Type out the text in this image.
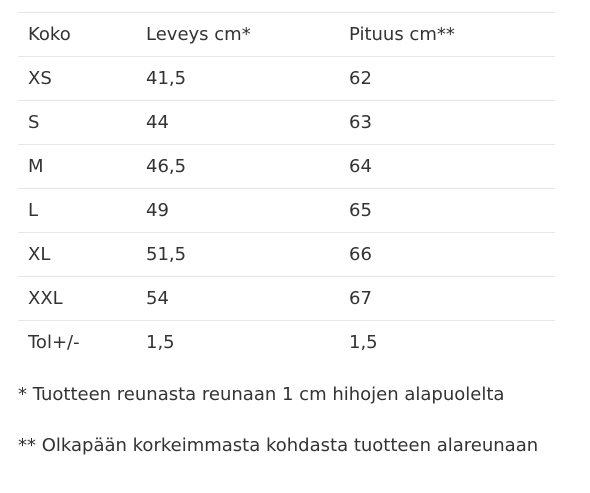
Koko	Leveys cm*	Pituus cm**
XS	41,5	62
S	44	63
M	46,5	64
L	49	65
XL	51,5	66
XXL	54	67
Tol+/-	1,5	1,5

* Tuotteen reunasta reunaan 1 cm hihojen alapuolelta

** Olkapään korkeimmasta kohdasta tuotteen alareunaan
